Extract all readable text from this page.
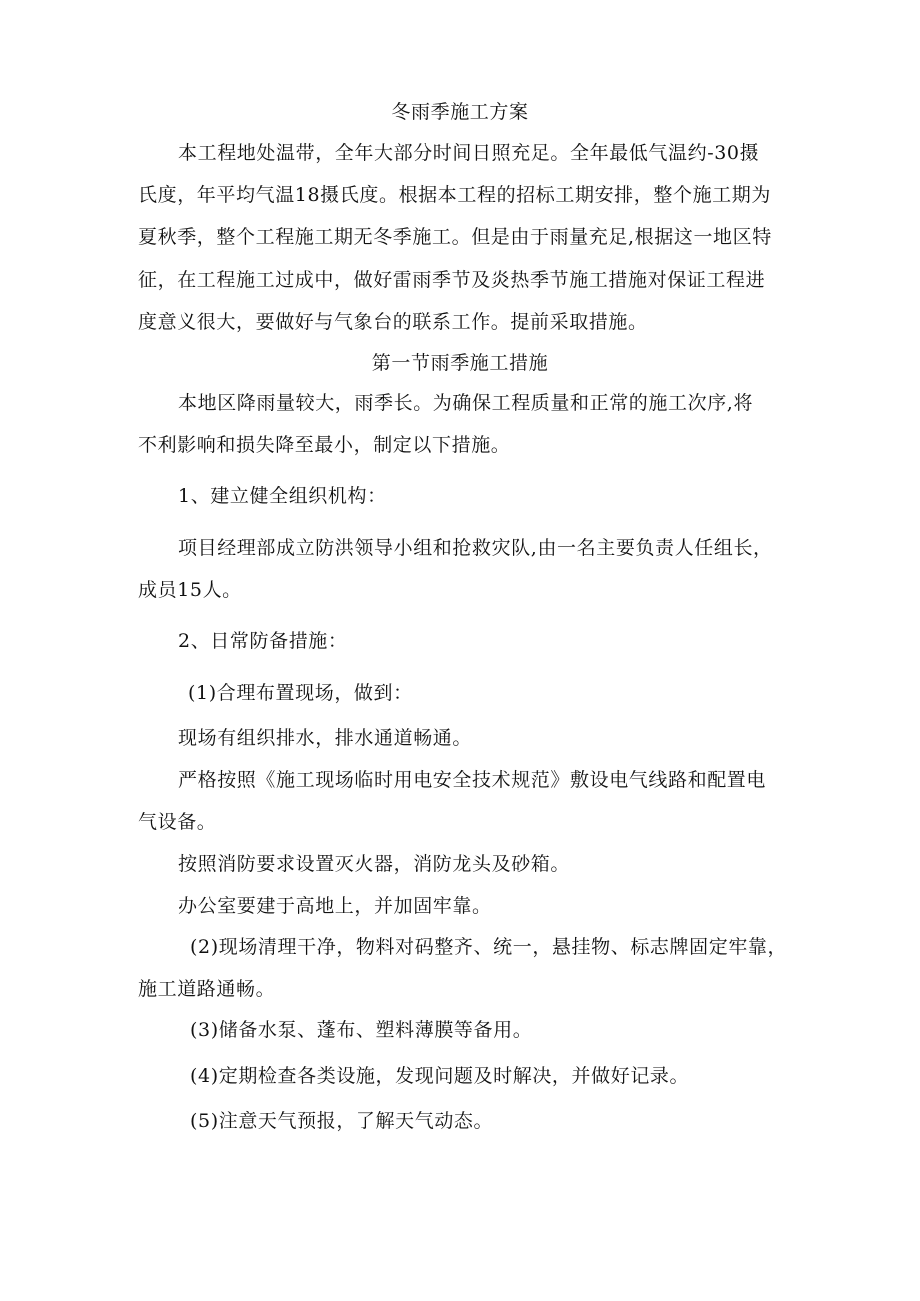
冬雨季施工方案
本工程地处温带，全年大部分时间日照充足。全年最低气温约-30摄
氏度，年平均气温18摄氏度。根据本工程的招标工期安排，整个施工期为
夏秋季，整个工程施工期无冬季施工。但是由于雨量充足,根据这一地区特
征，在工程施工过成中，做好雷雨季节及炎热季节施工措施对保证工程进
度意义很大，要做好与气象台的联系工作。提前采取措施。
第一节雨季施工措施
本地区降雨量较大，雨季长。为确保工程质量和正常的施工次序,将
不利影响和损失降至最小，制定以下措施。
1、建立健全组织机构：
项目经理部成立防洪领导小组和抢救灾队,由一名主要负责人任组长，
成员15人。
2、日常防备措施：
(1)合理布置现场，做到：
现场有组织排水，排水通道畅通。
严格按照《施工现场临时用电安全技术规范》敷设电气线路和配置电
气设备。
按照消防要求设置灭火器，消防龙头及砂箱。
办公室要建于高地上，并加固牢靠。
(2)现场清理干净，物料对码整齐、统一，悬挂物、标志牌固定牢靠，
施工道路通畅。
(3)储备水泵、蓬布、塑料薄膜等备用。
(4)定期检查各类设施，发现问题及时解决，并做好记录。
(5)注意天气预报，了解天气动态。
